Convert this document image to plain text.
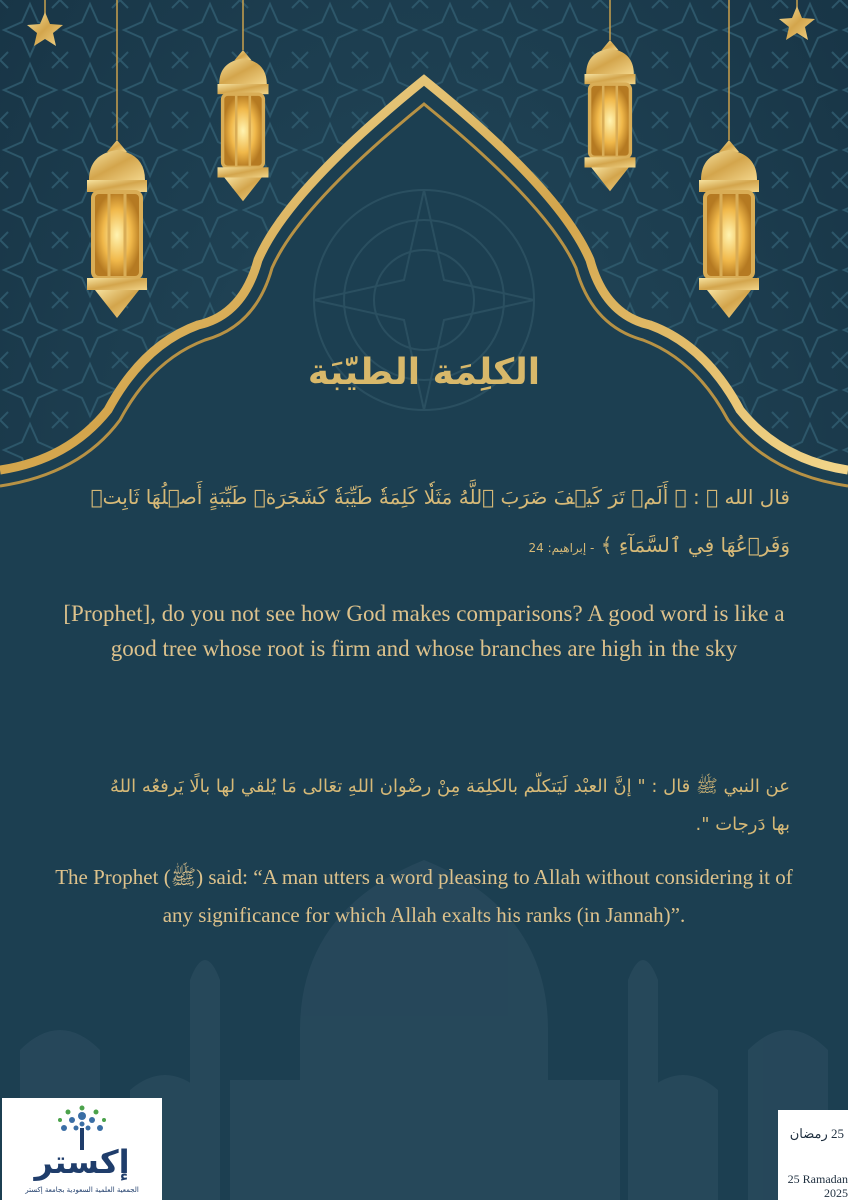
الكلِمَة الطيّبَة
قال الله ﷻ : ﴿ أَلَمۡ تَرَ كَيۡفَ ضَرَبَ ٱللَّهُ مَثَلٗا كَلِمَةٗ طَيِّبَةٗ كَشَجَرَةٖ طَيِّبَةٍ أَصۡلُهَا ثَابِتٞ
وَفَرۡعُهَا فِي ٱلسَّمَآءِ ﴾ - إبراهيم: 24
[Prophet], do you not see how God makes comparisons? A good word is like a good tree whose root is firm and whose branches are high in the sky
عن النبي ﷺ قال : " إنَّ العبْد لَيَتكلّم بالكلِمَة مِنْ رضْوان اللهِ تعَالى مَا يُلقي لها بالًا يَرفعُه اللهُ
بها دَرجات ".
The Prophet (ﷺ) said: “A man utters a word pleasing to Allah without considering it of any significance for which Allah exalts his ranks (in Jannah)”.
إكستر
الجمعية العلمية السعودية بجامعة إكستر
25 رمضان
25 Ramadan
2025
